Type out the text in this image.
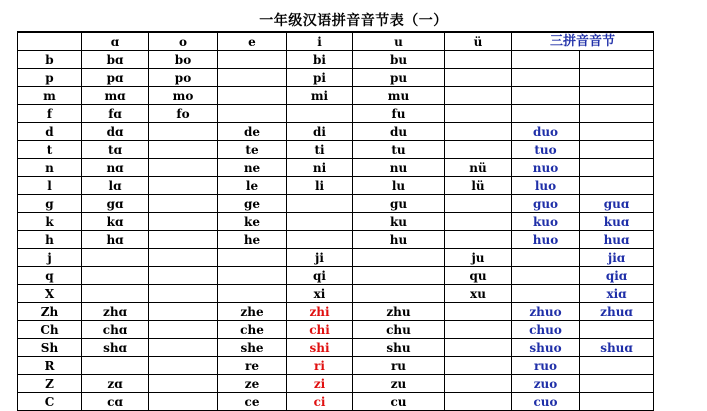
一年级汉语拼音音节表（一）
	ɑ	o	e	i	u	ü	三拼音音节	
b	bɑ	bo		bi	bu			
p	pɑ	po		pi	pu			
m	mɑ	mo		mi	mu			
f	fɑ	fo			fu			
d	dɑ		de	di	du		duo	
t	tɑ		te	ti	tu		tuo	
n	nɑ		ne	ni	nu	nü	nuo	
l	lɑ		le	li	lu	lü	luo	
g	gɑ		ge		gu		guo	guɑ
k	kɑ		ke		ku		kuo	kuɑ
h	hɑ		he		hu		huo	huɑ
j				ji		ju		jiɑ
q				qi		qu		qiɑ
X				xi		xu		xiɑ
Zh	zhɑ		zhe	zhi	zhu		zhuo	zhuɑ
Ch	chɑ		che	chi	chu		chuo	
Sh	shɑ		she	shi	shu		shuo	shuɑ
R			re	ri	ru		ruo	
Z	zɑ		ze	zi	zu		zuo	
C	cɑ		ce	ci	cu		cuo	
